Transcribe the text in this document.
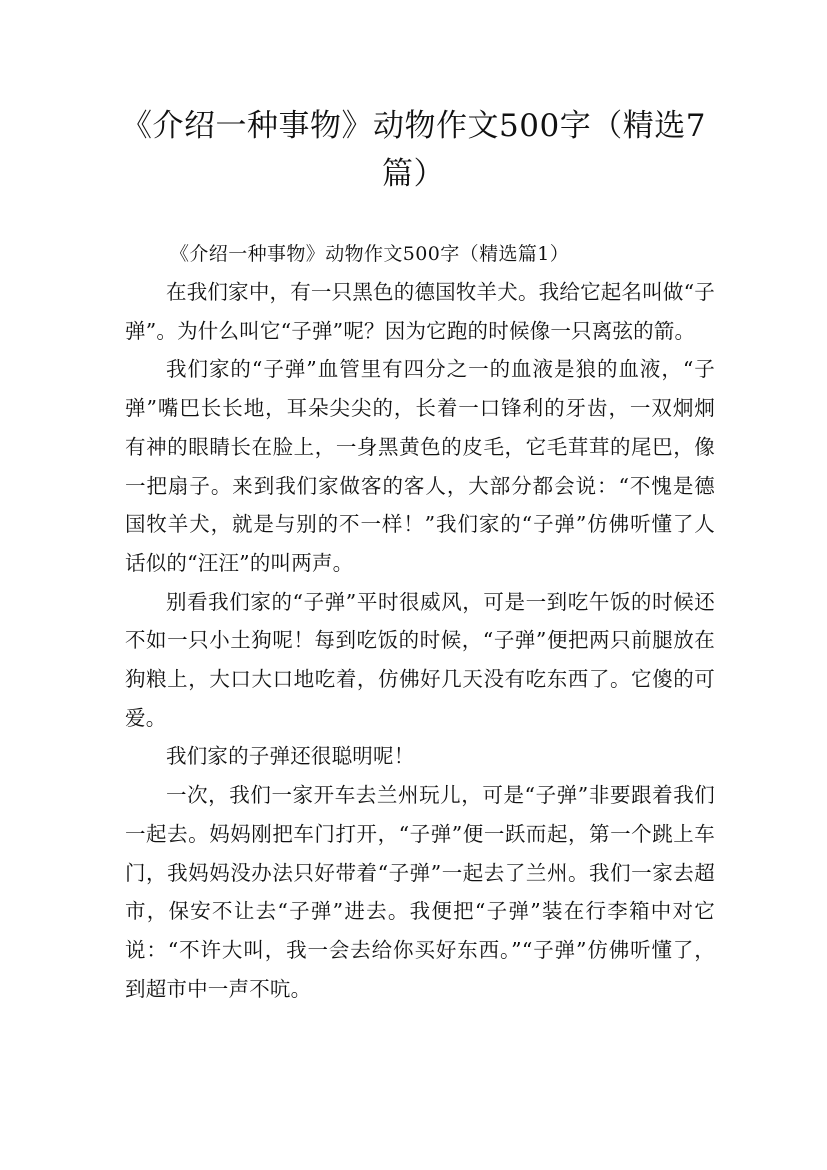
《介绍一种事物》动物作文500字（精选7篇）

《介绍一种事物》动物作文500字（精选篇1）

在我们家中，有一只黑色的德国牧羊犬。我给它起名叫做“子弹”。为什么叫它“子弹”呢？因为它跑的时候像一只离弦的箭。

我们家的“子弹”血管里有四分之一的血液是狼的血液，“子弹”嘴巴长长地，耳朵尖尖的，长着一口锋利的牙齿，一双炯炯有神的眼睛长在脸上，一身黑黄色的皮毛，它毛茸茸的尾巴，像一把扇子。来到我们家做客的客人，大部分都会说：“不愧是德国牧羊犬，就是与别的不一样！”我们家的“子弹”仿佛听懂了人话似的“汪汪”的叫两声。

别看我们家的“子弹”平时很威风，可是一到吃午饭的时候还不如一只小土狗呢！每到吃饭的时候，“子弹”便把两只前腿放在狗粮上，大口大口地吃着，仿佛好几天没有吃东西了。它傻的可爱。

我们家的子弹还很聪明呢！

一次，我们一家开车去兰州玩儿，可是“子弹”非要跟着我们一起去。妈妈刚把车门打开，“子弹”便一跃而起，第一个跳上车门，我妈妈没办法只好带着“子弹”一起去了兰州。我们一家去超市，保安不让去“子弹”进去。我便把“子弹”装在行李箱中对它说：“不许大叫，我一会去给你买好东西。”“子弹”仿佛听懂了，到超市中一声不吭。
